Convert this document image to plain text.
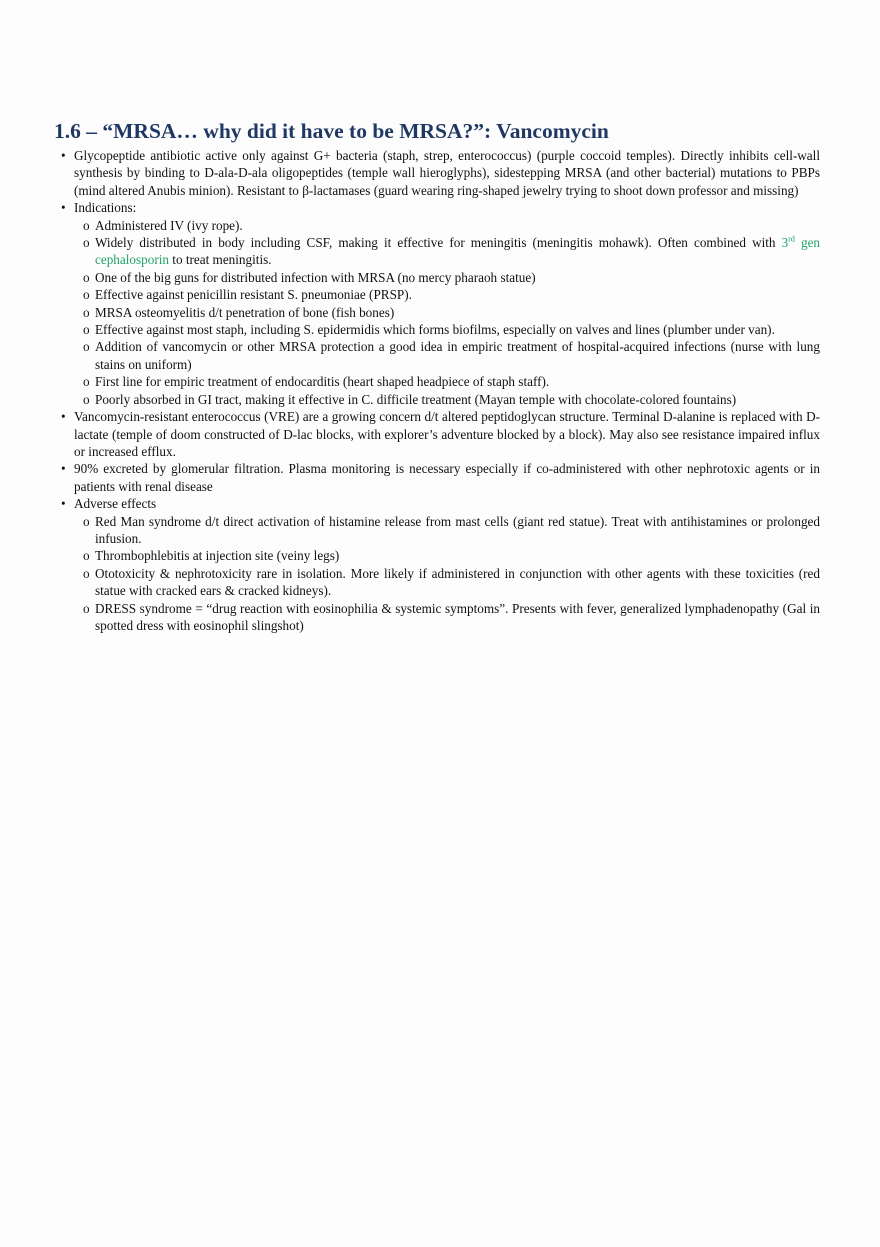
1.6 – “MRSA… why did it have to be MRSA?”: Vancomycin
• Glycopeptide antibiotic active only against G+ bacteria (staph, strep, enterococcus) (purple coccoid temples). Directly inhibits cell-wall synthesis by binding to D-ala-D-ala oligopeptides (temple wall hieroglyphs), sidestepping MRSA (and other bacterial) mutations to PBPs (mind altered Anubis minion). Resistant to β-lactamases (guard wearing ring-shaped jewelry trying to shoot down professor and missing)
• Indications:
o Administered IV (ivy rope).
o Widely distributed in body including CSF, making it effective for meningitis (meningitis mohawk). Often combined with 3rd gen cephalosporin to treat meningitis.
o One of the big guns for distributed infection with MRSA (no mercy pharaoh statue)
o Effective against penicillin resistant S. pneumoniae (PRSP).
o MRSA osteomyelitis d/t penetration of bone (fish bones)
o Effective against most staph, including S. epidermidis which forms biofilms, especially on valves and lines (plumber under van).
o Addition of vancomycin or other MRSA protection a good idea in empiric treatment of hospital-acquired infections (nurse with lung stains on uniform)
o First line for empiric treatment of endocarditis (heart shaped headpiece of staph staff).
o Poorly absorbed in GI tract, making it effective in C. difficile treatment (Mayan temple with chocolate-colored fountains)
• Vancomycin-resistant enterococcus (VRE) are a growing concern d/t altered peptidoglycan structure. Terminal D-alanine is replaced with D-lactate (temple of doom constructed of D-lac blocks, with explorer’s adventure blocked by a block). May also see resistance impaired influx or increased efflux.
• 90% excreted by glomerular filtration. Plasma monitoring is necessary especially if co-administered with other nephrotoxic agents or in patients with renal disease
• Adverse effects
o Red Man syndrome d/t direct activation of histamine release from mast cells (giant red statue). Treat with antihistamines or prolonged infusion.
o Thrombophlebitis at injection site (veiny legs)
o Ototoxicity & nephrotoxicity rare in isolation. More likely if administered in conjunction with other agents with these toxicities (red statue with cracked ears & cracked kidneys).
o DRESS syndrome = “drug reaction with eosinophilia & systemic symptoms”. Presents with fever, generalized lymphadenopathy (Gal in spotted dress with eosinophil slingshot)
